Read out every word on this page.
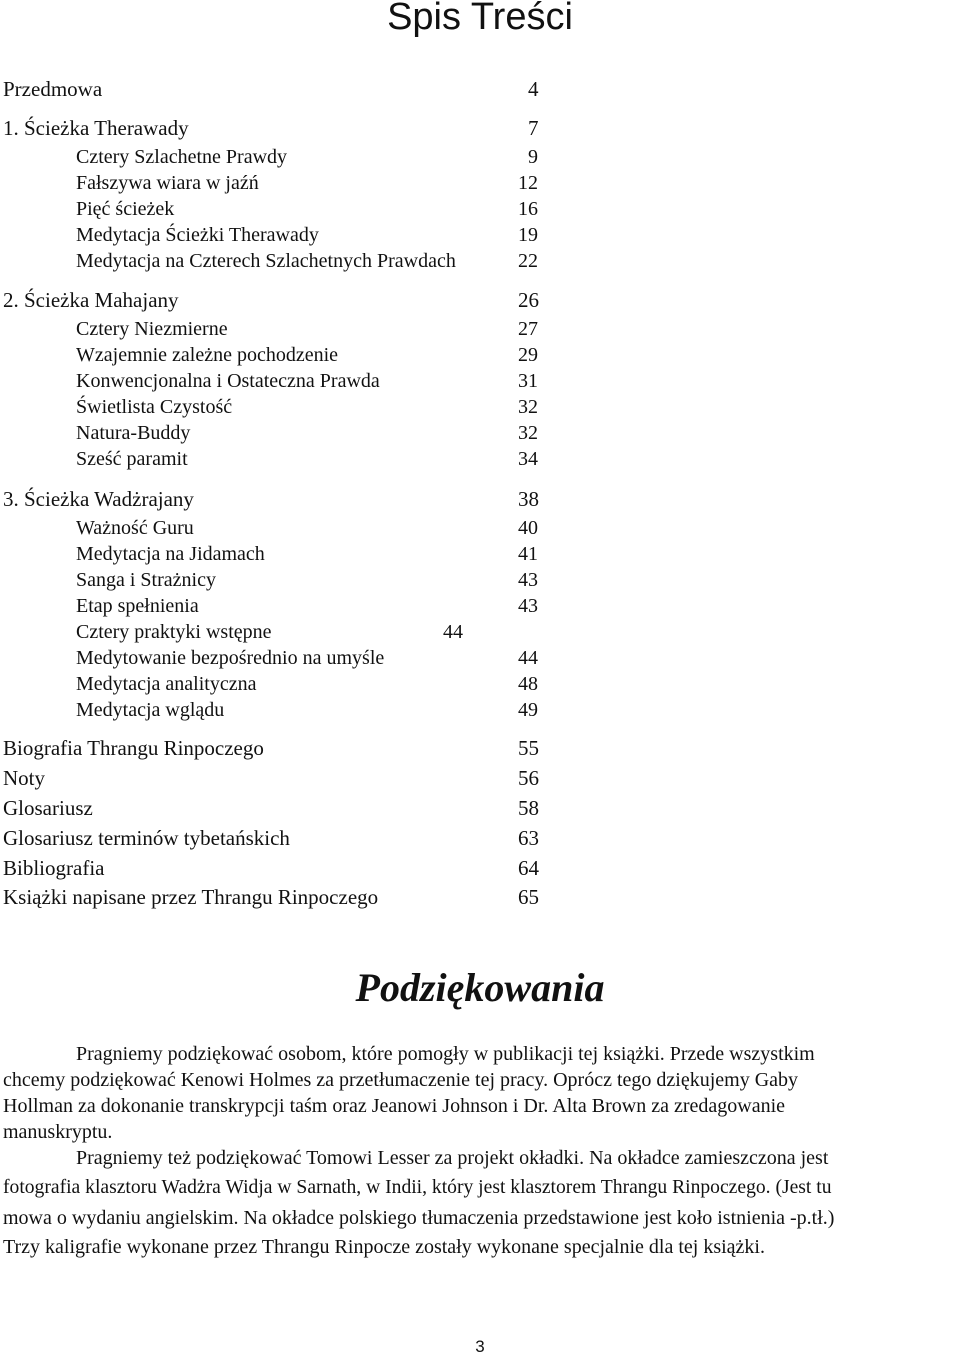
Spis Treści
Przedmowa	4
1. Ścieżka Therawady	7
Cztery Szlachetne Prawdy	9
Fałszywa wiara w jaźń	12
Pięć ścieżek	16
Medytacja Ścieżki Therawady	19
Medytacja na Czterech Szlachetnych Prawdach	22
2. Ścieżka Mahajany	26
Cztery Niezmierne	27
Wzajemnie zależne pochodzenie	29
Konwencjonalna i Ostateczna Prawda	31
Świetlista Czystość	32
Natura-Buddy	32
Sześć paramit	34
3. Ścieżka Wadżrajany	38
Ważność Guru	40
Medytacja na Jidamach	41
Sanga i Strażnicy	43
Etap spełnienia	43
Cztery praktyki wstępne	44
Medytowanie bezpośrednio na umyśle	44
Medytacja analityczna	48
Medytacja wglądu	49
Biografia Thrangu Rinpoczego	55
Noty	56
Glosariusz	58
Glosariusz terminów tybetańskich	63
Bibliografia	64
Książki napisane przez Thrangu Rinpoczego	65
Podziękowania
Pragniemy podziękować osobom, które pomogły w publikacji tej książki. Przede wszystkim
chcemy podziękować Kenowi Holmes za przetłumaczenie tej pracy. Oprócz tego dziękujemy Gaby
Hollman za dokonanie transkrypcji taśm oraz Jeanowi Johnson i Dr. Alta Brown za zredagowanie
manuskryptu.
Pragniemy też podziękować Tomowi Lesser za projekt okładki. Na okładce zamieszczona jest
fotografia klasztoru Wadżra Widja w Sarnath, w Indii, który jest klasztorem Thrangu Rinpoczego. (Jest tu
mowa o wydaniu angielskim. Na okładce polskiego tłumaczenia przedstawione jest koło istnienia -p.tł.)
Trzy kaligrafie wykonane przez Thrangu Rinpocze zostały wykonane specjalnie dla tej książki.
3
